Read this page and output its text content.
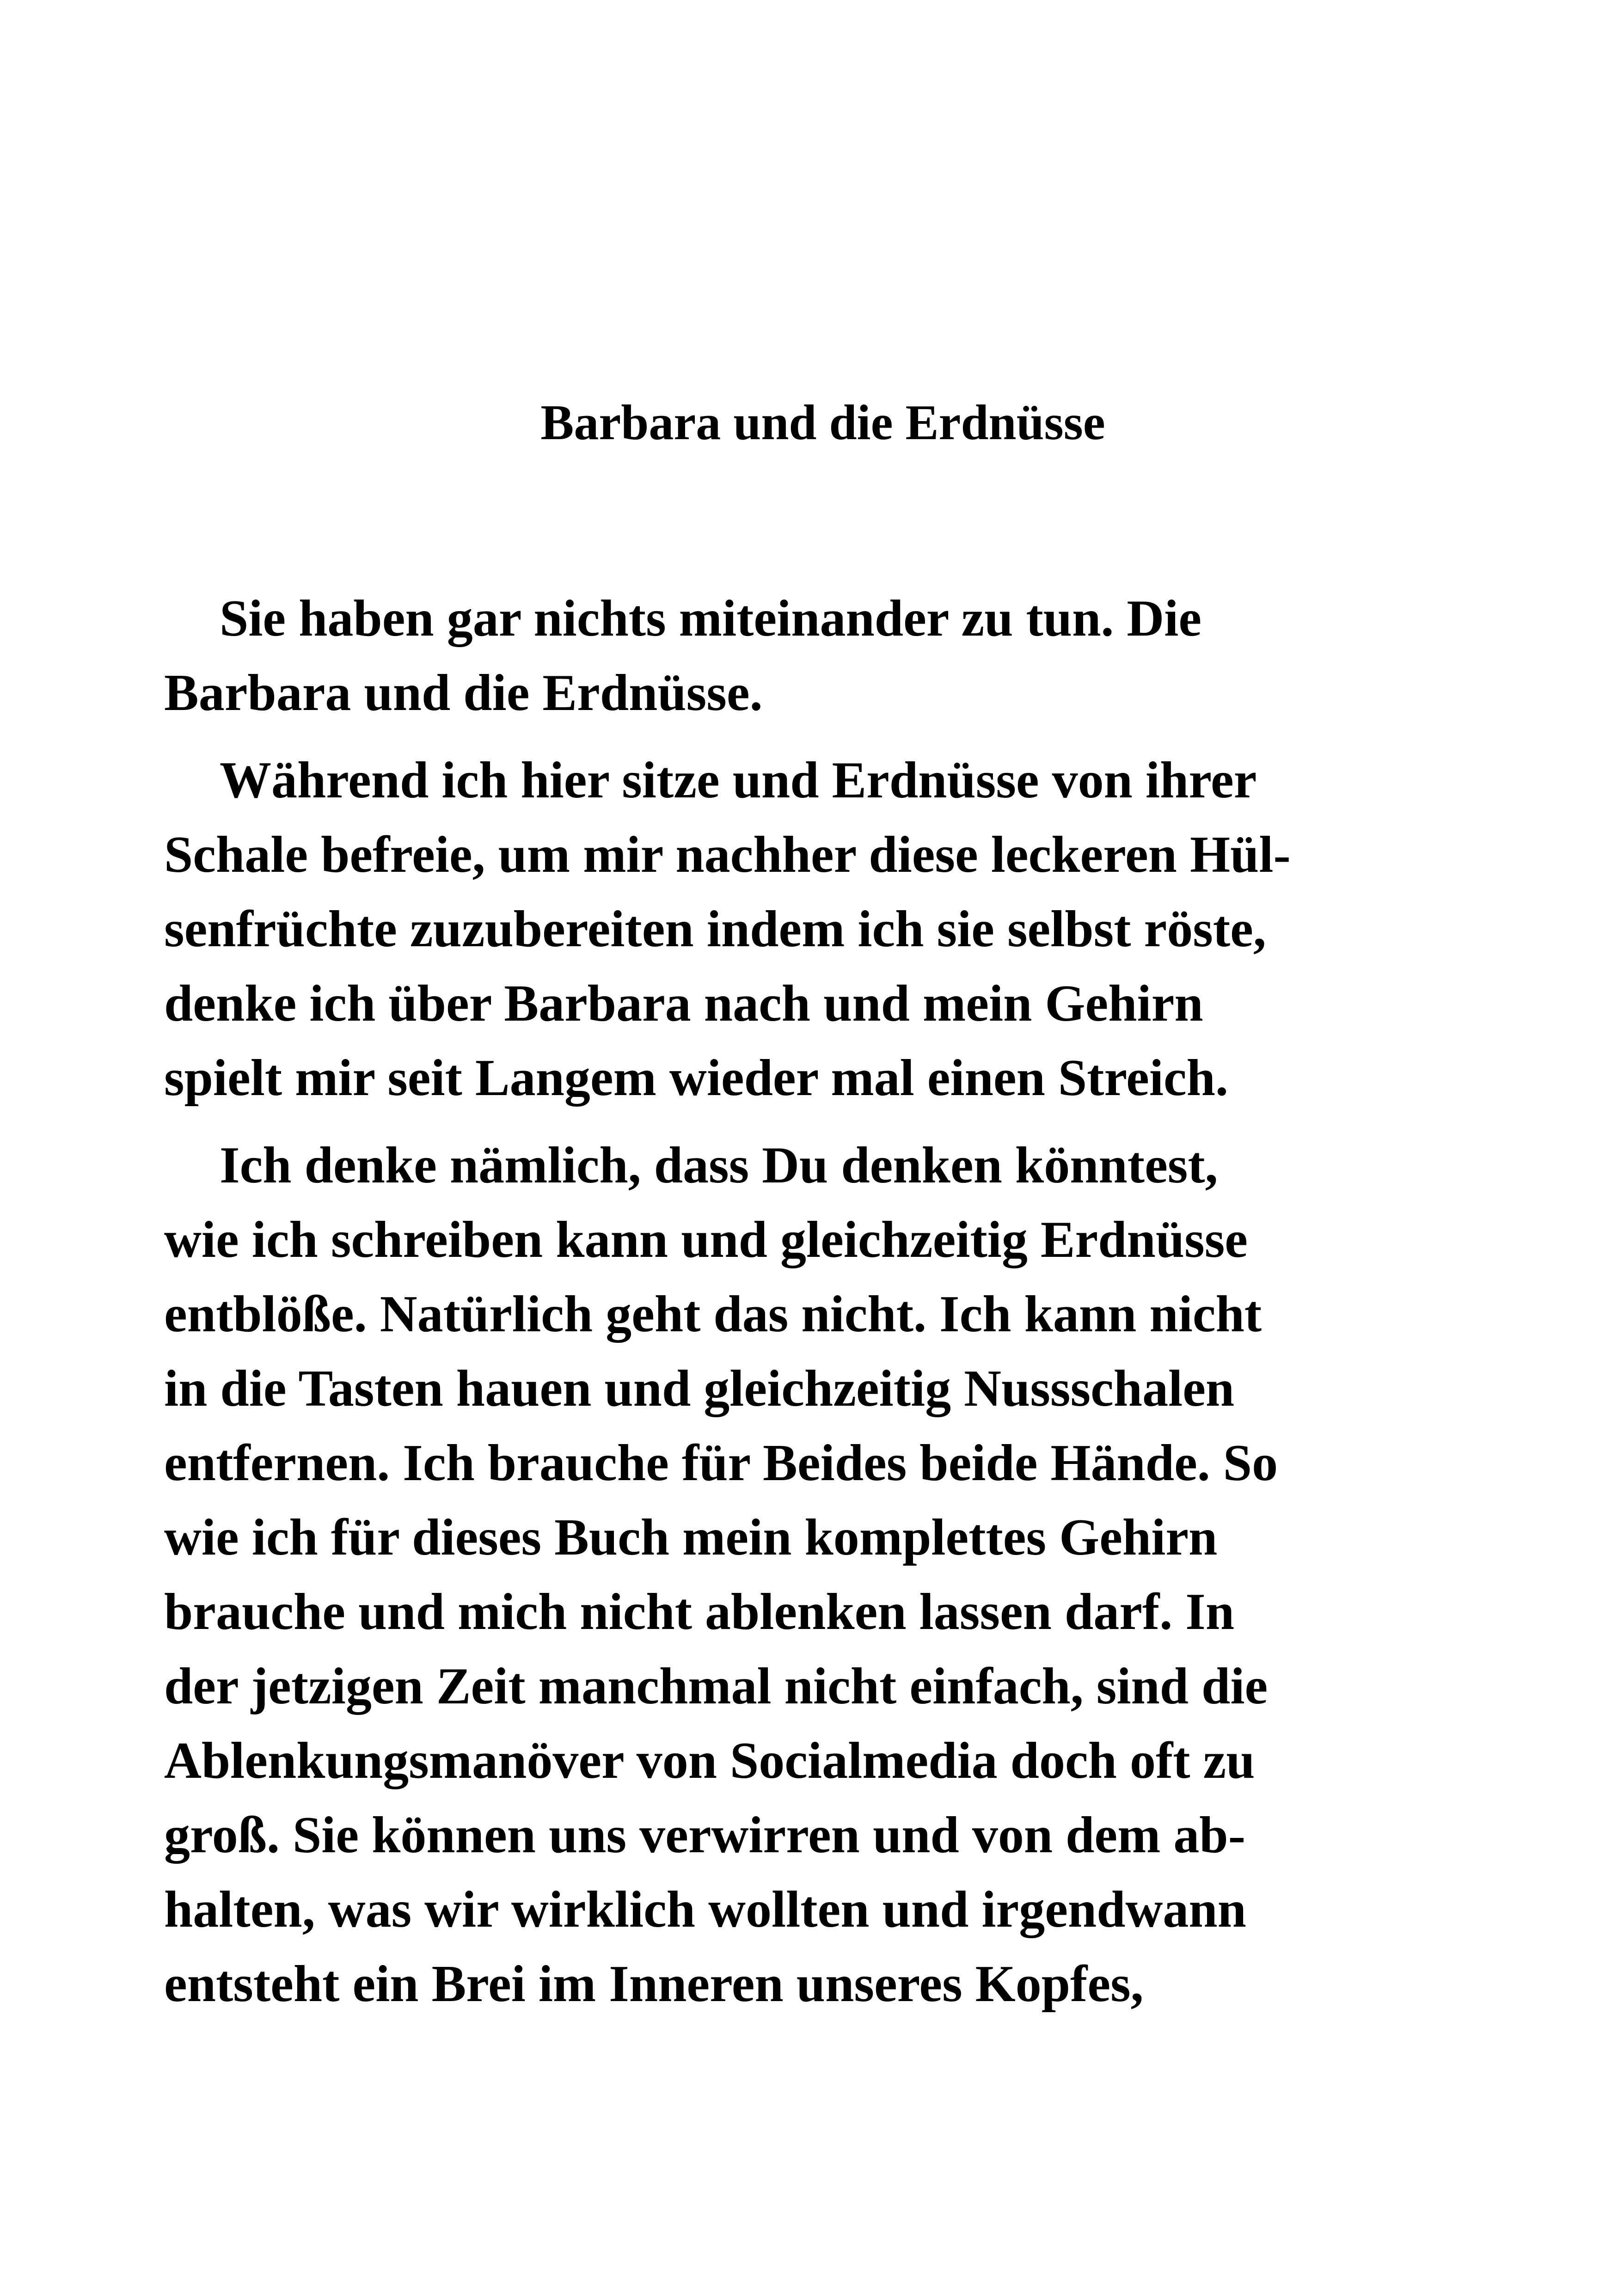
Barbara und die Erdnüsse

Sie haben gar nichts miteinander zu tun. Die
Barbara und die Erdnüsse.

Während ich hier sitze und Erdnüsse von ihrer
Schale befreie, um mir nachher diese leckeren Hül-
senfrüchte zuzubereiten indem ich sie selbst röste,
denke ich über Barbara nach und mein Gehirn
spielt mir seit Langem wieder mal einen Streich.

Ich denke nämlich, dass Du denken könntest,
wie ich schreiben kann und gleichzeitig Erdnüsse
entblöße. Natürlich geht das nicht. Ich kann nicht
in die Tasten hauen und gleichzeitig Nussschalen
entfernen. Ich brauche für Beides beide Hände. So
wie ich für dieses Buch mein komplettes Gehirn
brauche und mich nicht ablenken lassen darf. In
der jetzigen Zeit manchmal nicht einfach, sind die
Ablenkungsmanöver von Socialmedia doch oft zu
groß. Sie können uns verwirren und von dem ab-
halten, was wir wirklich wollten und irgendwann
entsteht ein Brei im Inneren unseres Kopfes,
